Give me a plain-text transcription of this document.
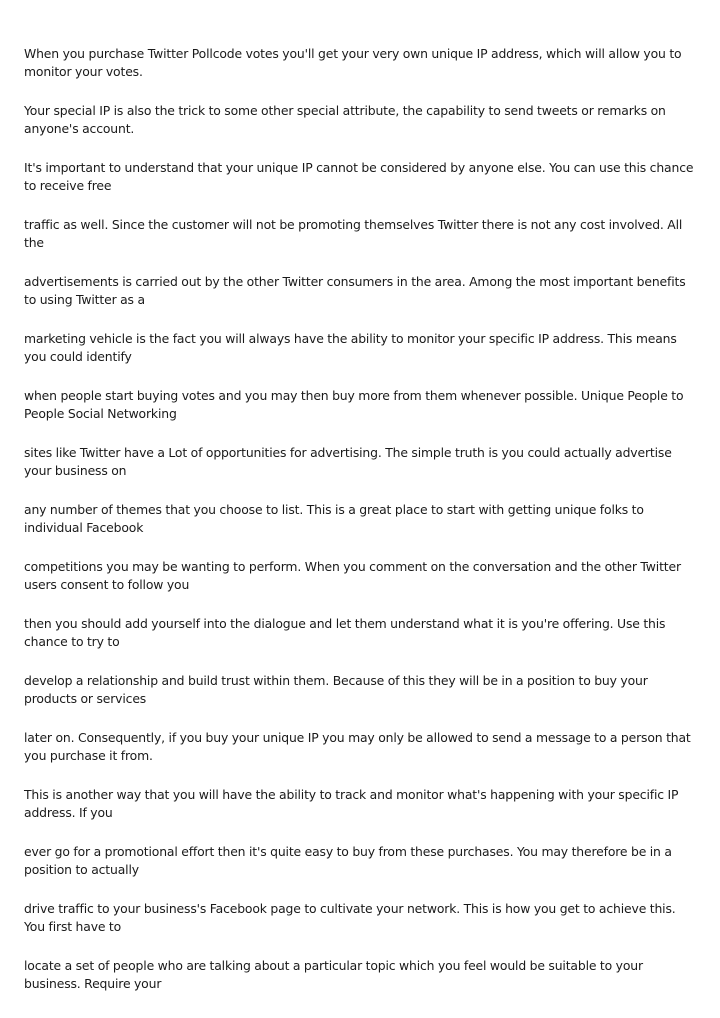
When you purchase Twitter Pollcode votes you'll get your very own unique IP address, which will allow you to monitor your votes.

Your special IP is also the trick to some other special attribute, the capability to send tweets or remarks on anyone's account.

It's important to understand that your unique IP cannot be considered by anyone else. You can use this chance to receive free

traffic as well. Since the customer will not be promoting themselves Twitter there is not any cost involved. All the

advertisements is carried out by the other Twitter consumers in the area. Among the most important benefits to using Twitter as a

marketing vehicle is the fact you will always have the ability to monitor your specific IP address. This means you could identify

when people start buying votes and you may then buy more from them whenever possible. Unique People to People Social Networking

sites like Twitter have a Lot of opportunities for advertising. The simple truth is you could actually advertise your business on

any number of themes that you choose to list. This is a great place to start with getting unique folks to individual Facebook

competitions you may be wanting to perform. When you comment on the conversation and the other Twitter users consent to follow you

then you should add yourself into the dialogue and let them understand what it is you're offering. Use this chance to try to

develop a relationship and build trust within them. Because of this they will be in a position to buy your products or services

later on. Consequently, if you buy your unique IP you may only be allowed to send a message to a person that you purchase it from.

This is another way that you will have the ability to track and monitor what's happening with your specific IP address. If you

ever go for a promotional effort then it's quite easy to buy from these purchases. You may therefore be in a position to actually

drive traffic to your business's Facebook page to cultivate your network. This is how you get to achieve this. You first have to

locate a set of people who are talking about a particular topic which you feel would be suitable to your business. Require your
